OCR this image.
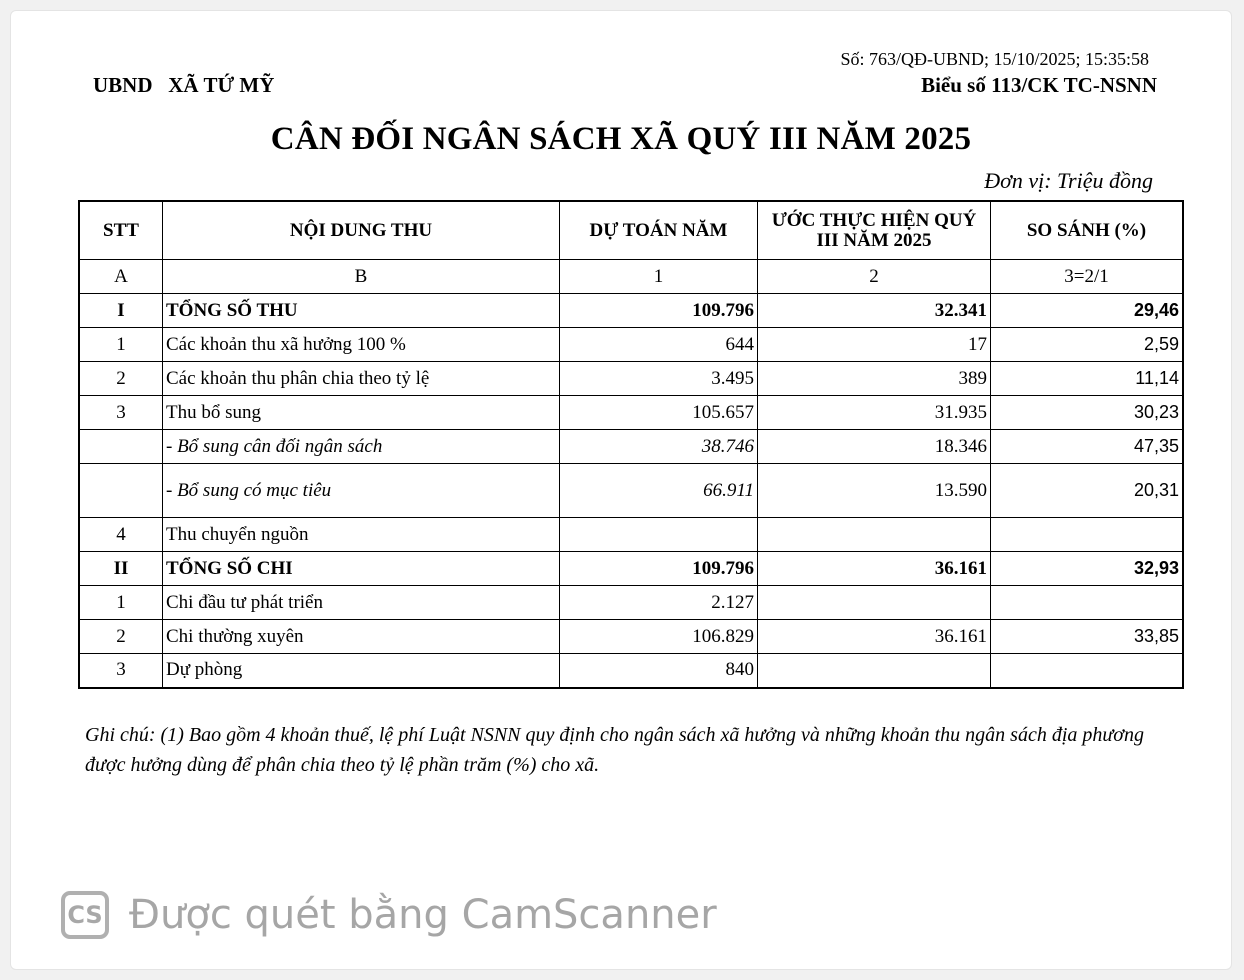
Số: 763/QĐ-UBND; 15/10/2025; 15:35:58
UBND   XÃ TỨ MỸ	Biểu số 113/CK TC-NSNN
CÂN ĐỐI NGÂN SÁCH XÃ QUÝ III NĂM 2025
Đơn vị: Triệu đồng
STT	NỘI DUNG THU	DỰ TOÁN NĂM	ƯỚC THỰC HIỆN QUÝ III NĂM 2025	SO SÁNH (%)
A	B	1	2	3=2/1
I	TỔNG SỐ THU	109.796	32.341	29,46
1	Các khoản thu xã hưởng 100 %	644	17	2,59
2	Các khoản thu phân chia theo tỷ lệ	3.495	389	11,14
3	Thu bổ sung	105.657	31.935	30,23
	- Bổ sung cân đối ngân sách	38.746	18.346	47,35
	- Bổ sung có mục tiêu	66.911	13.590	20,31
4	Thu chuyển nguồn			
II	TỔNG SỐ CHI	109.796	36.161	32,93
1	Chi đầu tư phát triển	2.127		
2	Chi thường xuyên	106.829	36.161	33,85
3	Dự phòng	840		
Ghi chú: (1) Bao gồm 4 khoản thuế, lệ phí Luật NSNN quy định cho ngân sách xã hưởng và những khoản thu ngân sách địa phương được hưởng dùng để phân chia theo tỷ lệ phần trăm (%) cho xã.
CS Được quét bằng CamScanner
